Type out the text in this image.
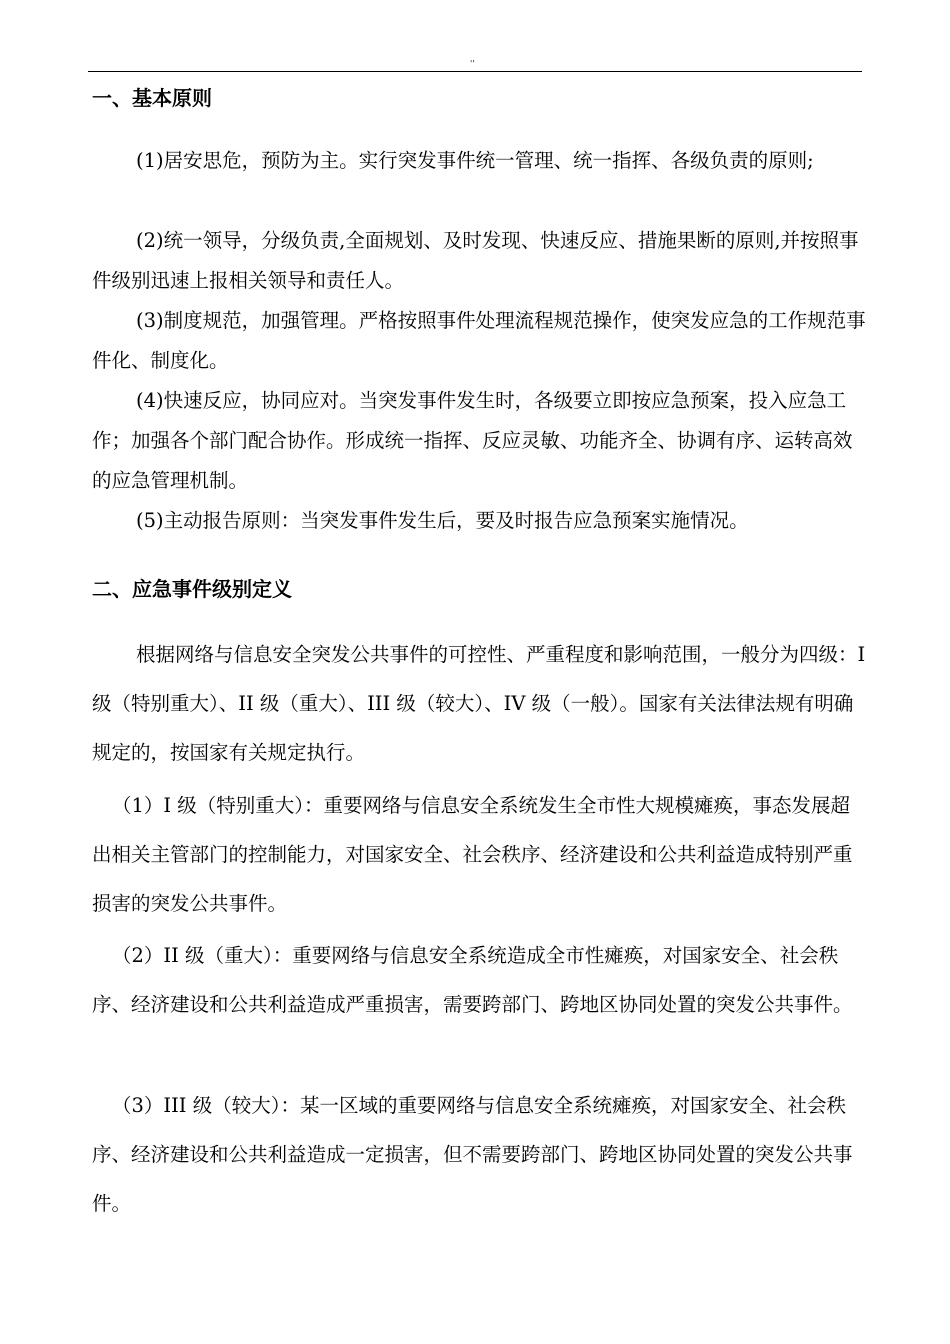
''
一、基本原则
(1)居安思危，预防为主。实行突发事件统一管理、统一指挥、各级负责的原则;
(2)统一领导，分级负责,全面规划、及时发现、快速反应、措施果断的原则,并按照事件级别迅速上报相关领导和责任人。
(3)制度规范，加强管理。严格按照事件处理流程规范操作，使突发应急的工作规范事件化、制度化。
(4)快速反应，协同应对。当突发事件发生时，各级要立即按应急预案，投入应急工作；加强各个部门配合协作。形成统一指挥、反应灵敏、功能齐全、协调有序、运转高效的应急管理机制。
(5)主动报告原则：当突发事件发生后，要及时报告应急预案实施情况。
二、应急事件级别定义
根据网络与信息安全突发公共事件的可控性、严重程度和影响范围，一般分为四级：I 级（特别重大）、II 级（重大）、III 级（较大）、IV 级（一般）。国家有关法律法规有明确规定的，按国家有关规定执行。
（1）I 级（特别重大）：重要网络与信息安全系统发生全市性大规模瘫痪，事态发展超出相关主管部门的控制能力，对国家安全、社会秩序、经济建设和公共利益造成特别严重损害的突发公共事件。
（2）II 级（重大）：重要网络与信息安全系统造成全市性瘫痪，对国家安全、社会秩序、经济建设和公共利益造成严重损害，需要跨部门、跨地区协同处置的突发公共事件。
（3）III 级（较大）：某一区域的重要网络与信息安全系统瘫痪，对国家安全、社会秩序、经济建设和公共利益造成一定损害，但不需要跨部门、跨地区协同处置的突发公共事件。
